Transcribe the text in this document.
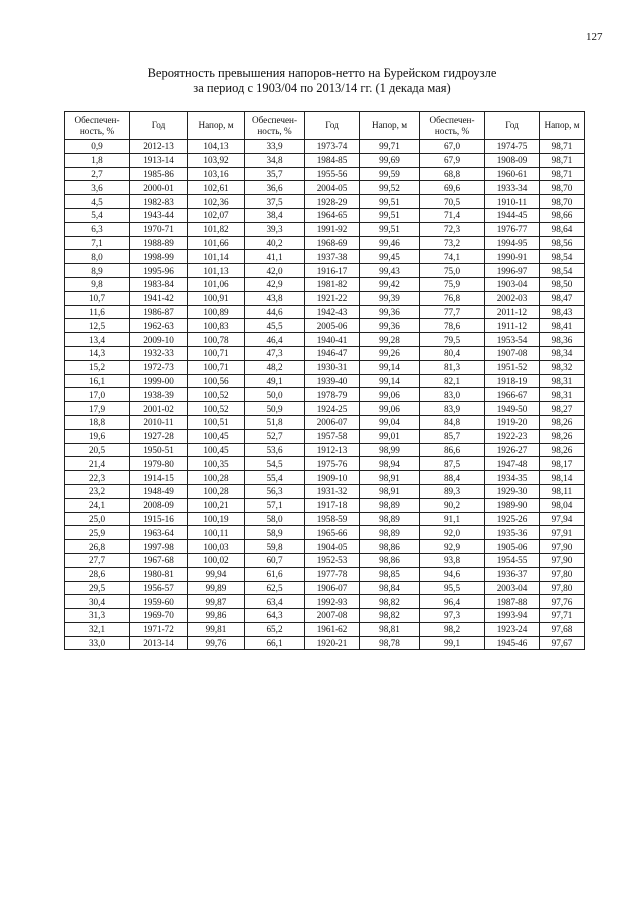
127
Вероятность превышения напоров-нетто на Бурейском гидроузле
за период с 1903/04 по 2013/14 гг. (1 декада мая)
Обеспечен-ность, %	Год	Напор, м	Обеспечен-ность, %	Год	Напор, м	Обеспечен-ность, %	Год	Напор, м
0,9	2012-13	104,13	33,9	1973-74	99,71	67,0	1974-75	98,71
1,8	1913-14	103,92	34,8	1984-85	99,69	67,9	1908-09	98,71
2,7	1985-86	103,16	35,7	1955-56	99,59	68,8	1960-61	98,71
3,6	2000-01	102,61	36,6	2004-05	99,52	69,6	1933-34	98,70
4,5	1982-83	102,36	37,5	1928-29	99,51	70,5	1910-11	98,70
5,4	1943-44	102,07	38,4	1964-65	99,51	71,4	1944-45	98,66
6,3	1970-71	101,82	39,3	1991-92	99,51	72,3	1976-77	98,64
7,1	1988-89	101,66	40,2	1968-69	99,46	73,2	1994-95	98,56
8,0	1998-99	101,14	41,1	1937-38	99,45	74,1	1990-91	98,54
8,9	1995-96	101,13	42,0	1916-17	99,43	75,0	1996-97	98,54
9,8	1983-84	101,06	42,9	1981-82	99,42	75,9	1903-04	98,50
10,7	1941-42	100,91	43,8	1921-22	99,39	76,8	2002-03	98,47
11,6	1986-87	100,89	44,6	1942-43	99,36	77,7	2011-12	98,43
12,5	1962-63	100,83	45,5	2005-06	99,36	78,6	1911-12	98,41
13,4	2009-10	100,78	46,4	1940-41	99,28	79,5	1953-54	98,36
14,3	1932-33	100,71	47,3	1946-47	99,26	80,4	1907-08	98,34
15,2	1972-73	100,71	48,2	1930-31	99,14	81,3	1951-52	98,32
16,1	1999-00	100,56	49,1	1939-40	99,14	82,1	1918-19	98,31
17,0	1938-39	100,52	50,0	1978-79	99,06	83,0	1966-67	98,31
17,9	2001-02	100,52	50,9	1924-25	99,06	83,9	1949-50	98,27
18,8	2010-11	100,51	51,8	2006-07	99,04	84,8	1919-20	98,26
19,6	1927-28	100,45	52,7	1957-58	99,01	85,7	1922-23	98,26
20,5	1950-51	100,45	53,6	1912-13	98,99	86,6	1926-27	98,26
21,4	1979-80	100,35	54,5	1975-76	98,94	87,5	1947-48	98,17
22,3	1914-15	100,28	55,4	1909-10	98,91	88,4	1934-35	98,14
23,2	1948-49	100,28	56,3	1931-32	98,91	89,3	1929-30	98,11
24,1	2008-09	100,21	57,1	1917-18	98,89	90,2	1989-90	98,04
25,0	1915-16	100,19	58,0	1958-59	98,89	91,1	1925-26	97,94
25,9	1963-64	100,11	58,9	1965-66	98,89	92,0	1935-36	97,91
26,8	1997-98	100,03	59,8	1904-05	98,86	92,9	1905-06	97,90
27,7	1967-68	100,02	60,7	1952-53	98,86	93,8	1954-55	97,90
28,6	1980-81	99,94	61,6	1977-78	98,85	94,6	1936-37	97,80
29,5	1956-57	99,89	62,5	1906-07	98,84	95,5	2003-04	97,80
30,4	1959-60	99,87	63,4	1992-93	98,82	96,4	1987-88	97,76
31,3	1969-70	99,86	64,3	2007-08	98,82	97,3	1993-94	97,71
32,1	1971-72	99,81	65,2	1961-62	98,81	98,2	1923-24	97,68
33,0	2013-14	99,76	66,1	1920-21	98,78	99,1	1945-46	97,67
